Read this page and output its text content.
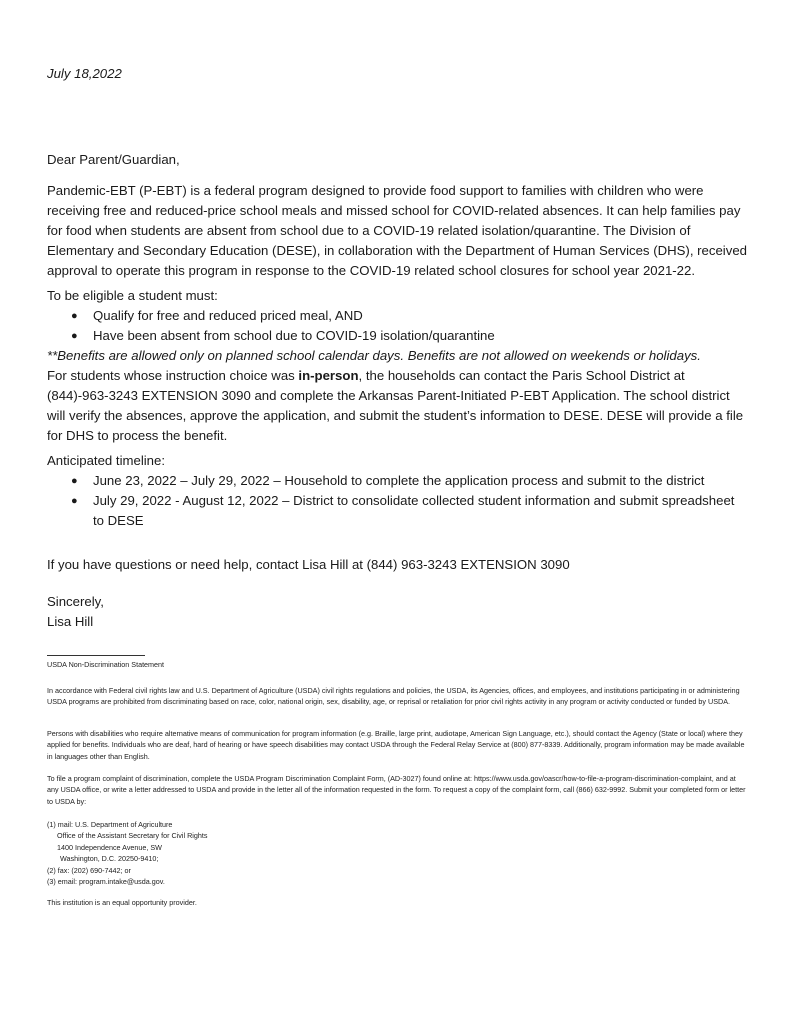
July 18,2022

Dear Parent/Guardian,

Pandemic-EBT (P-EBT) is a federal program designed to provide food support to families with children who were receiving free and reduced-price school meals and missed school for COVID-related absences. It can help families pay for food when students are absent from school due to a COVID-19 related isolation/quarantine. The Division of Elementary and Secondary Education (DESE), in collaboration with the Department of Human Services (DHS), received approval to operate this program in response to the COVID-19 related school closures for school year 2021-22.

To be eligible a student must:

● Qualify for free and reduced priced meal, AND
● Have been absent from school due to COVID-19 isolation/quarantine

**Benefits are allowed only on planned school calendar days. Benefits are not allowed on weekends or holidays.

For students whose instruction choice was in-person, the households can contact the Paris School District at (844)-963-3243 EXTENSION 3090 and complete the Arkansas Parent-Initiated P-EBT Application. The school district will verify the absences, approve the application, and submit the student’s information to DESE. DESE will provide a file for DHS to process the benefit.

Anticipated timeline:

● June 23, 2022 – July 29, 2022 – Household to complete the application process and submit to the district
● July 29, 2022 - August 12, 2022 – District to consolidate collected student information and submit spreadsheet to DESE

If you have questions or need help, contact Lisa Hill at (844) 963-3243 EXTENSION 3090

Sincerely,

Lisa Hill

USDA Non-Discrimination Statement

In accordance with Federal civil rights law and U.S. Department of Agriculture (USDA) civil rights regulations and policies, the USDA, its Agencies, offices, and employees, and institutions participating in or administering USDA programs are prohibited from discriminating based on race, color, national origin, sex, disability, age, or reprisal or retaliation for prior civil rights activity in any program or activity conducted or funded by USDA.

Persons with disabilities who require alternative means of communication for program information (e.g. Braille, large print, audiotape, American Sign Language, etc.), should contact the Agency (State or local) where they applied for benefits. Individuals who are deaf, hard of hearing or have speech disabilities may contact USDA through the Federal Relay Service at (800) 877-8339. Additionally, program information may be made available in languages other than English.

To file a program complaint of discrimination, complete the USDA Program Discrimination Complaint Form, (AD-3027) found online at: https://www.usda.gov/oascr/how-to-file-a-program-discrimination-complaint, and at any USDA office, or write a letter addressed to USDA and provide in the letter all of the information requested in the form. To request a copy of the complaint form, call (866) 632-9992. Submit your completed form or letter to USDA by:

(1) mail: U.S. Department of Agriculture

Office of the Assistant Secretary for Civil Rights

1400 Independence Avenue, SW

Washington, D.C. 20250-9410;

(2) fax: (202) 690-7442; or

(3) email: program.intake@usda.gov.

This institution is an equal opportunity provider.
